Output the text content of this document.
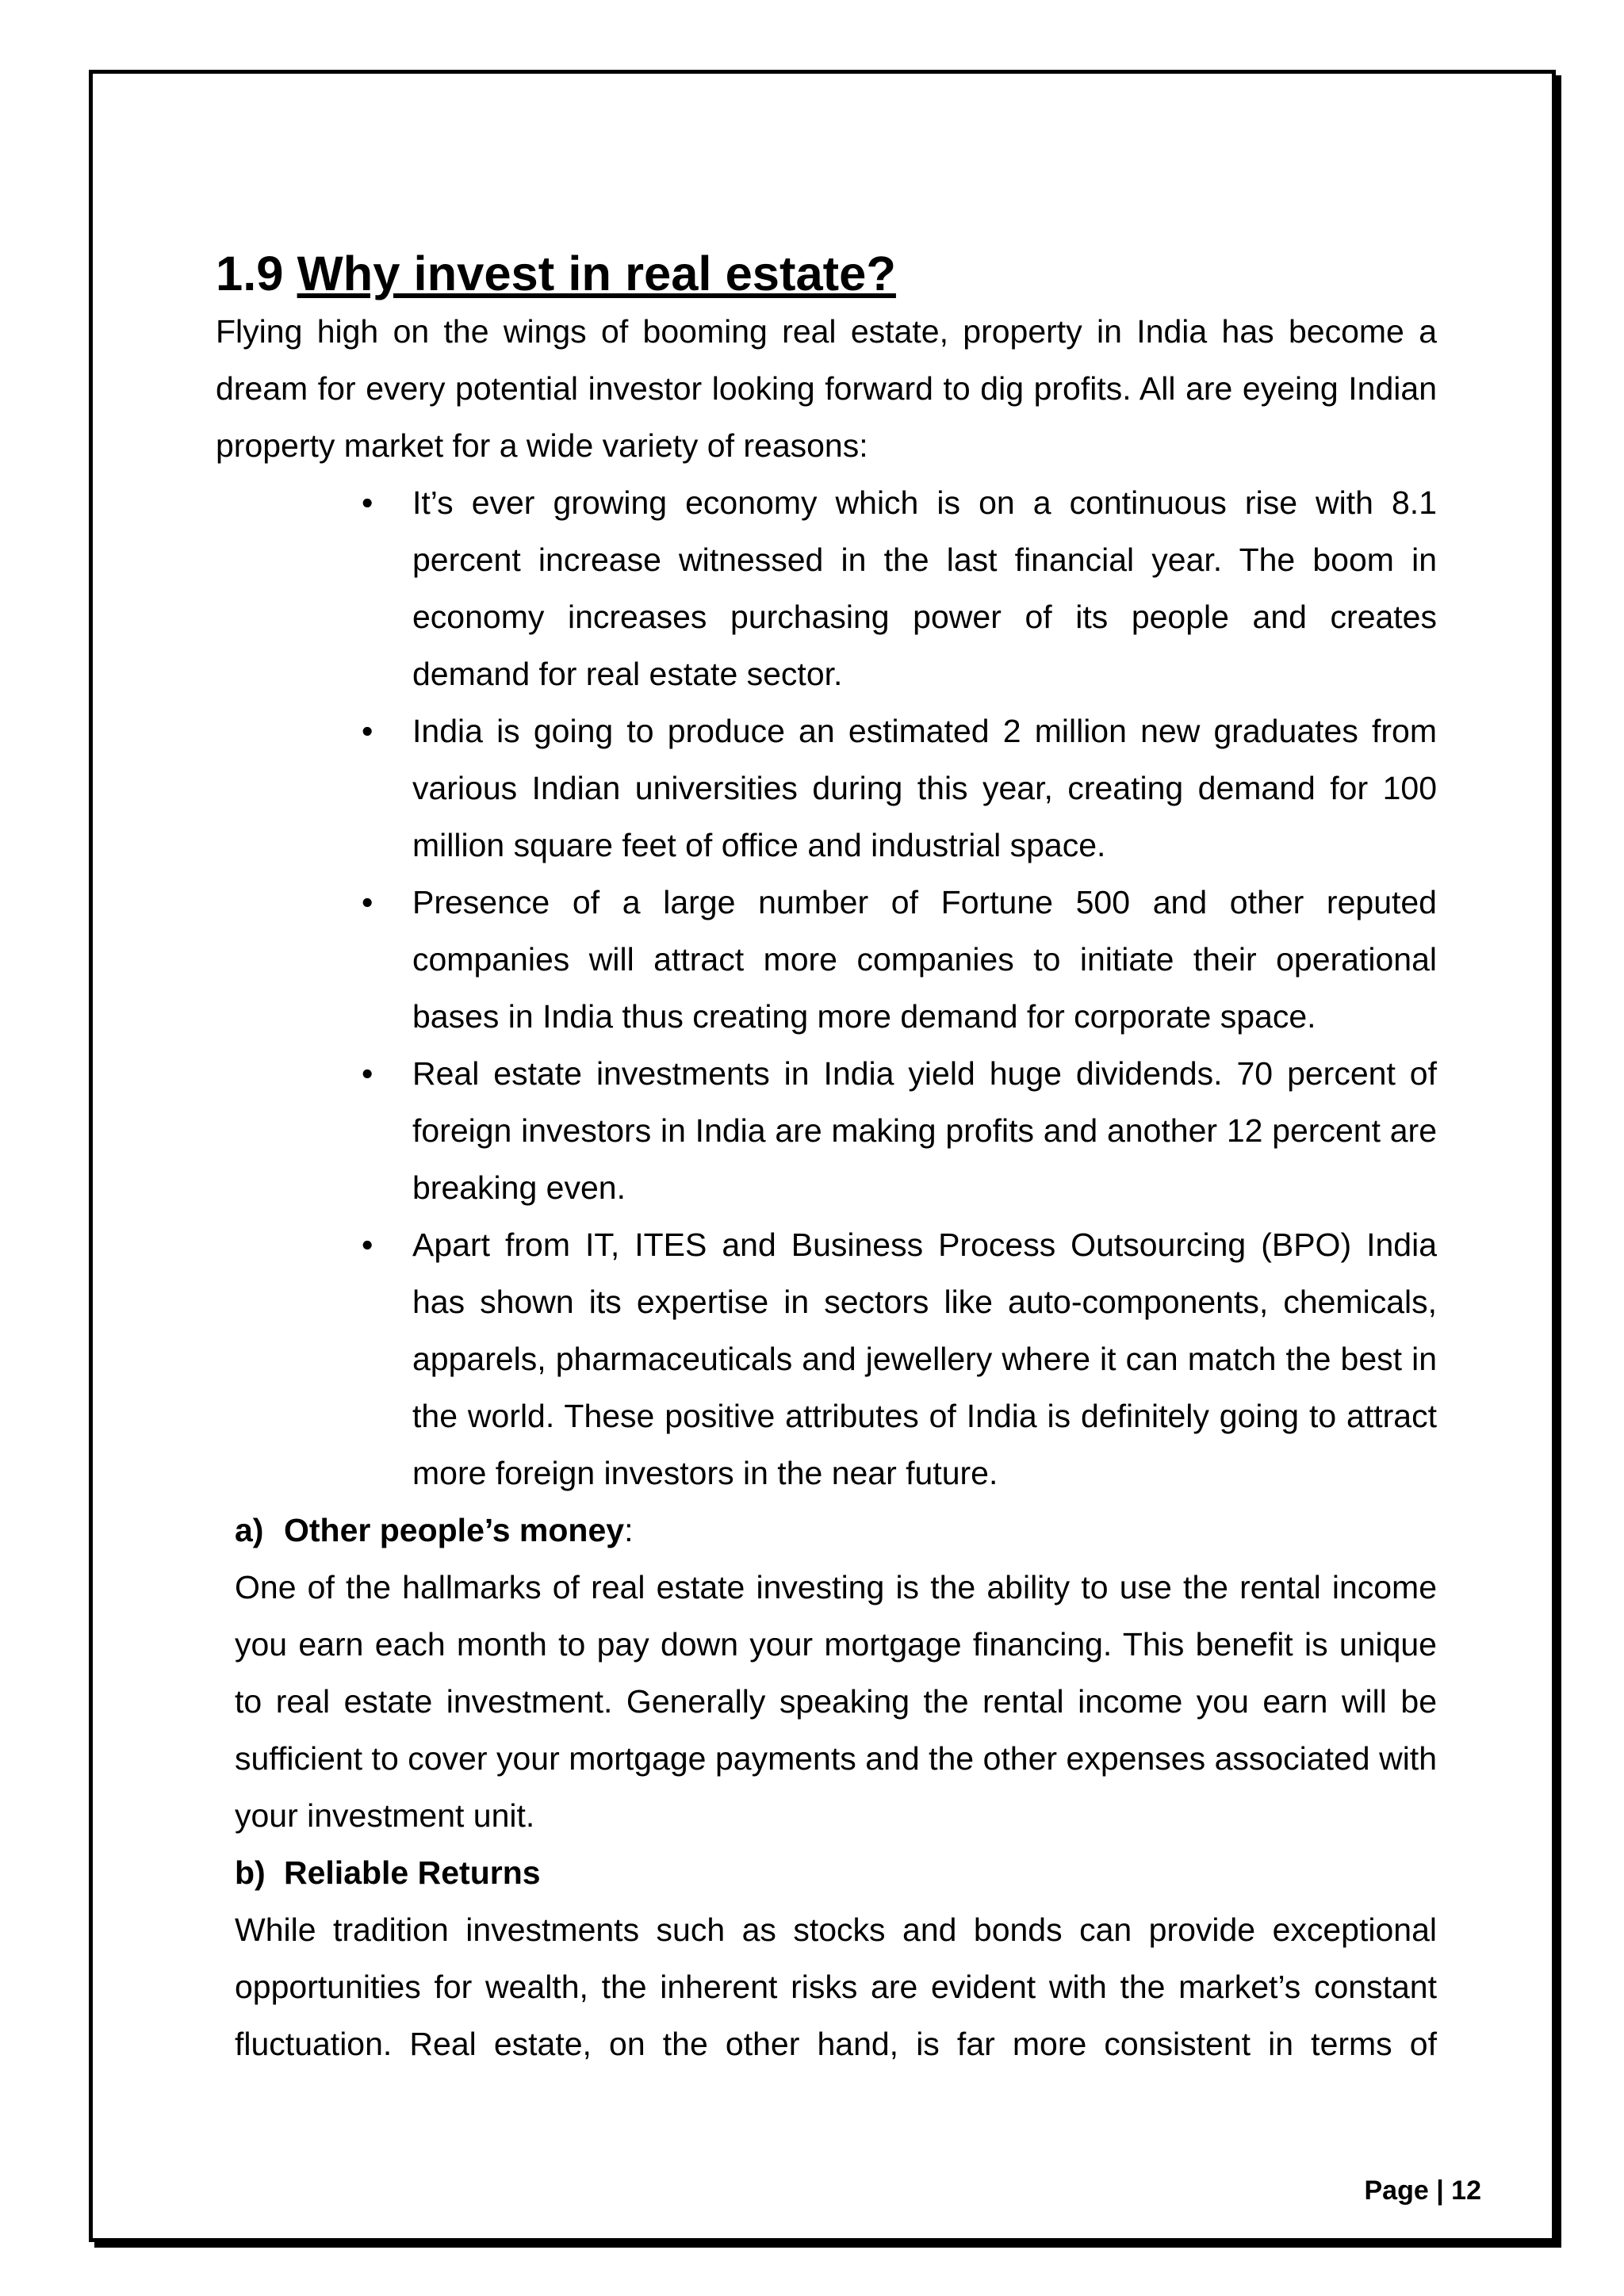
1.9 Why invest in real estate?

Flying high on the wings of booming real estate, property in India has become a dream for every potential investor looking forward to dig profits. All are eyeing Indian property market for a wide variety of reasons:

• It’s ever growing economy which is on a continuous rise with 8.1 percent increase witnessed in the last financial year. The boom in economy increases purchasing power of its people and creates demand for real estate sector.
• India is going to produce an estimated 2 million new graduates from various Indian universities during this year, creating demand for 100 million square feet of office and industrial space.
• Presence of a large number of Fortune 500 and other reputed companies will attract more companies to initiate their operational bases in India thus creating more demand for corporate space.
• Real estate investments in India yield huge dividends. 70 percent of foreign investors in India are making profits and another 12 percent are breaking even.
• Apart from IT, ITES and Business Process Outsourcing (BPO) India has shown its expertise in sectors like auto-components, chemicals, apparels, pharmaceuticals and jewellery where it can match the best in the world. These positive attributes of India is definitely going to attract more foreign investors in the near future.

a) Other people’s money:

One of the hallmarks of real estate investing is the ability to use the rental income you earn each month to pay down your mortgage financing. This benefit is unique to real estate investment. Generally speaking the rental income you earn will be sufficient to cover your mortgage payments and the other expenses associated with your investment unit.

b) Reliable Returns

While tradition investments such as stocks and bonds can provide exceptional opportunities for wealth, the inherent risks are evident with the market’s constant fluctuation. Real estate, on the other hand, is far more consistent in terms of

Page | 12
